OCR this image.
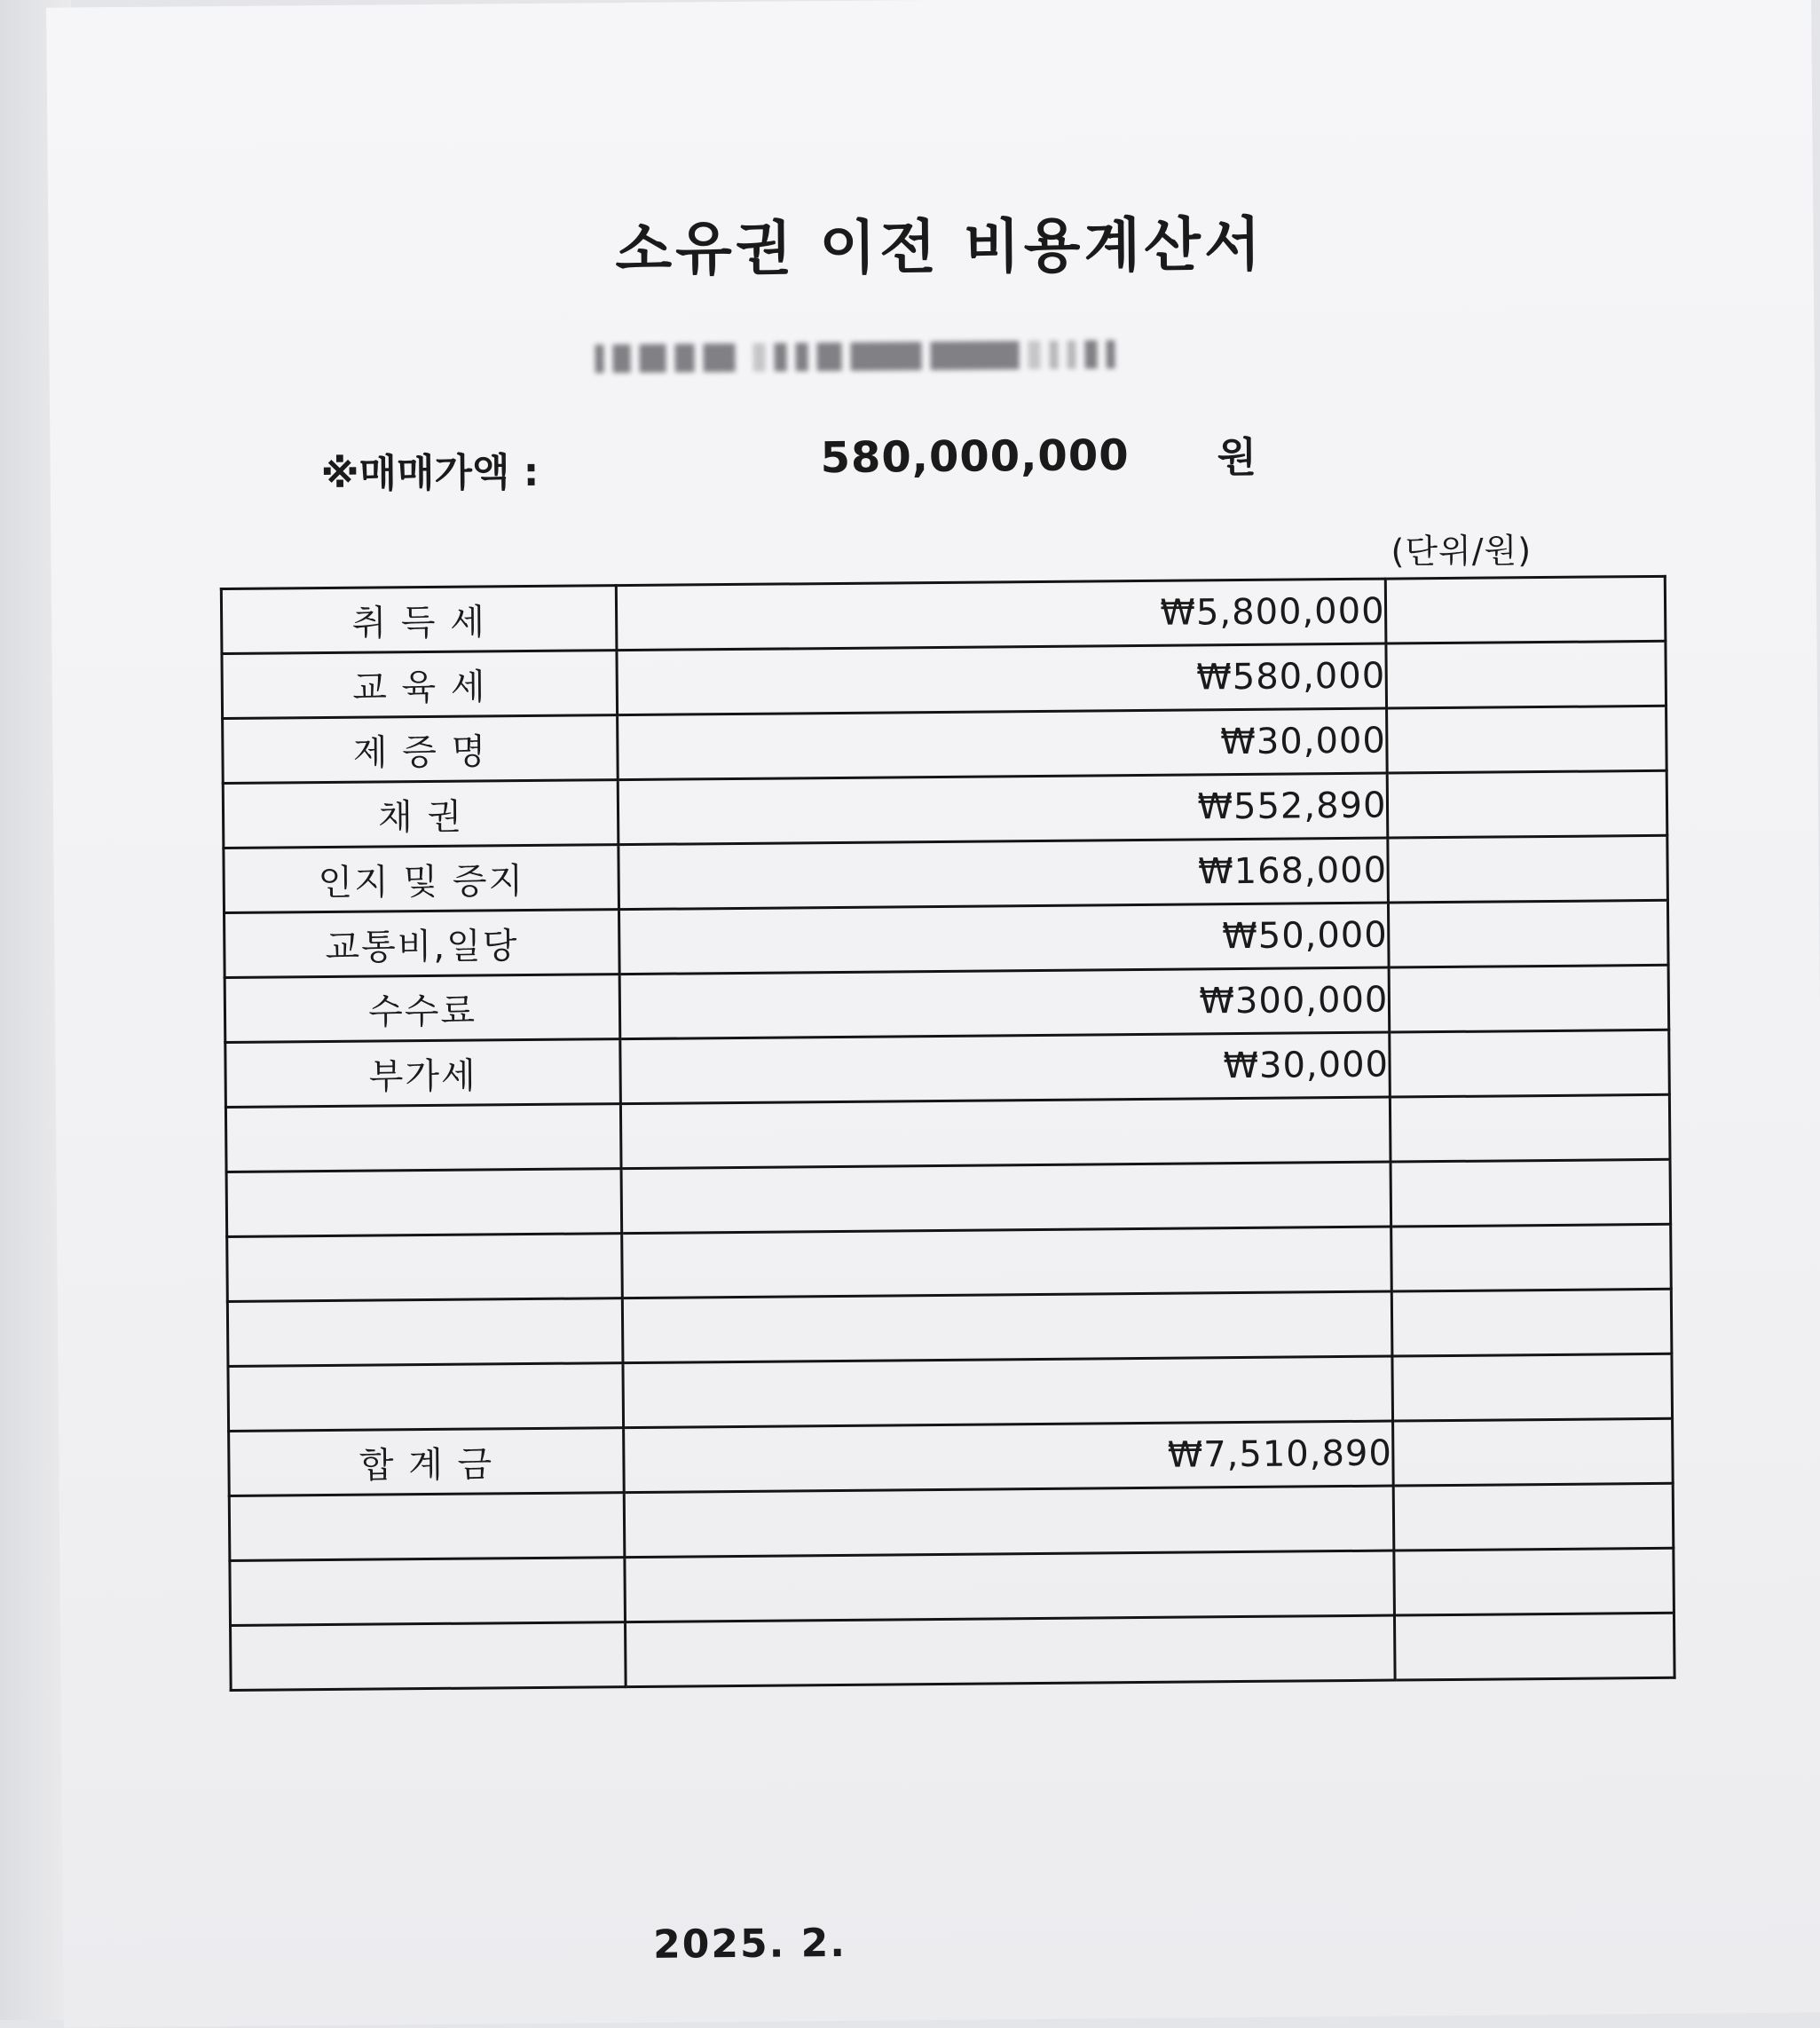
소유권 이전 비용계산서
※매매가액 :	580,000,000 원
(단위/원)
취 득 세	₩5,800,000	
교 육 세	₩580,000	
제 증 명	₩30,000	
채 권	₩552,890	
인지 및 증지	₩168,000	
교통비,일당	₩50,000	
수수료	₩300,000	
부가세	₩30,000	

합 계 금	₩7,510,890	

2025. 2.
